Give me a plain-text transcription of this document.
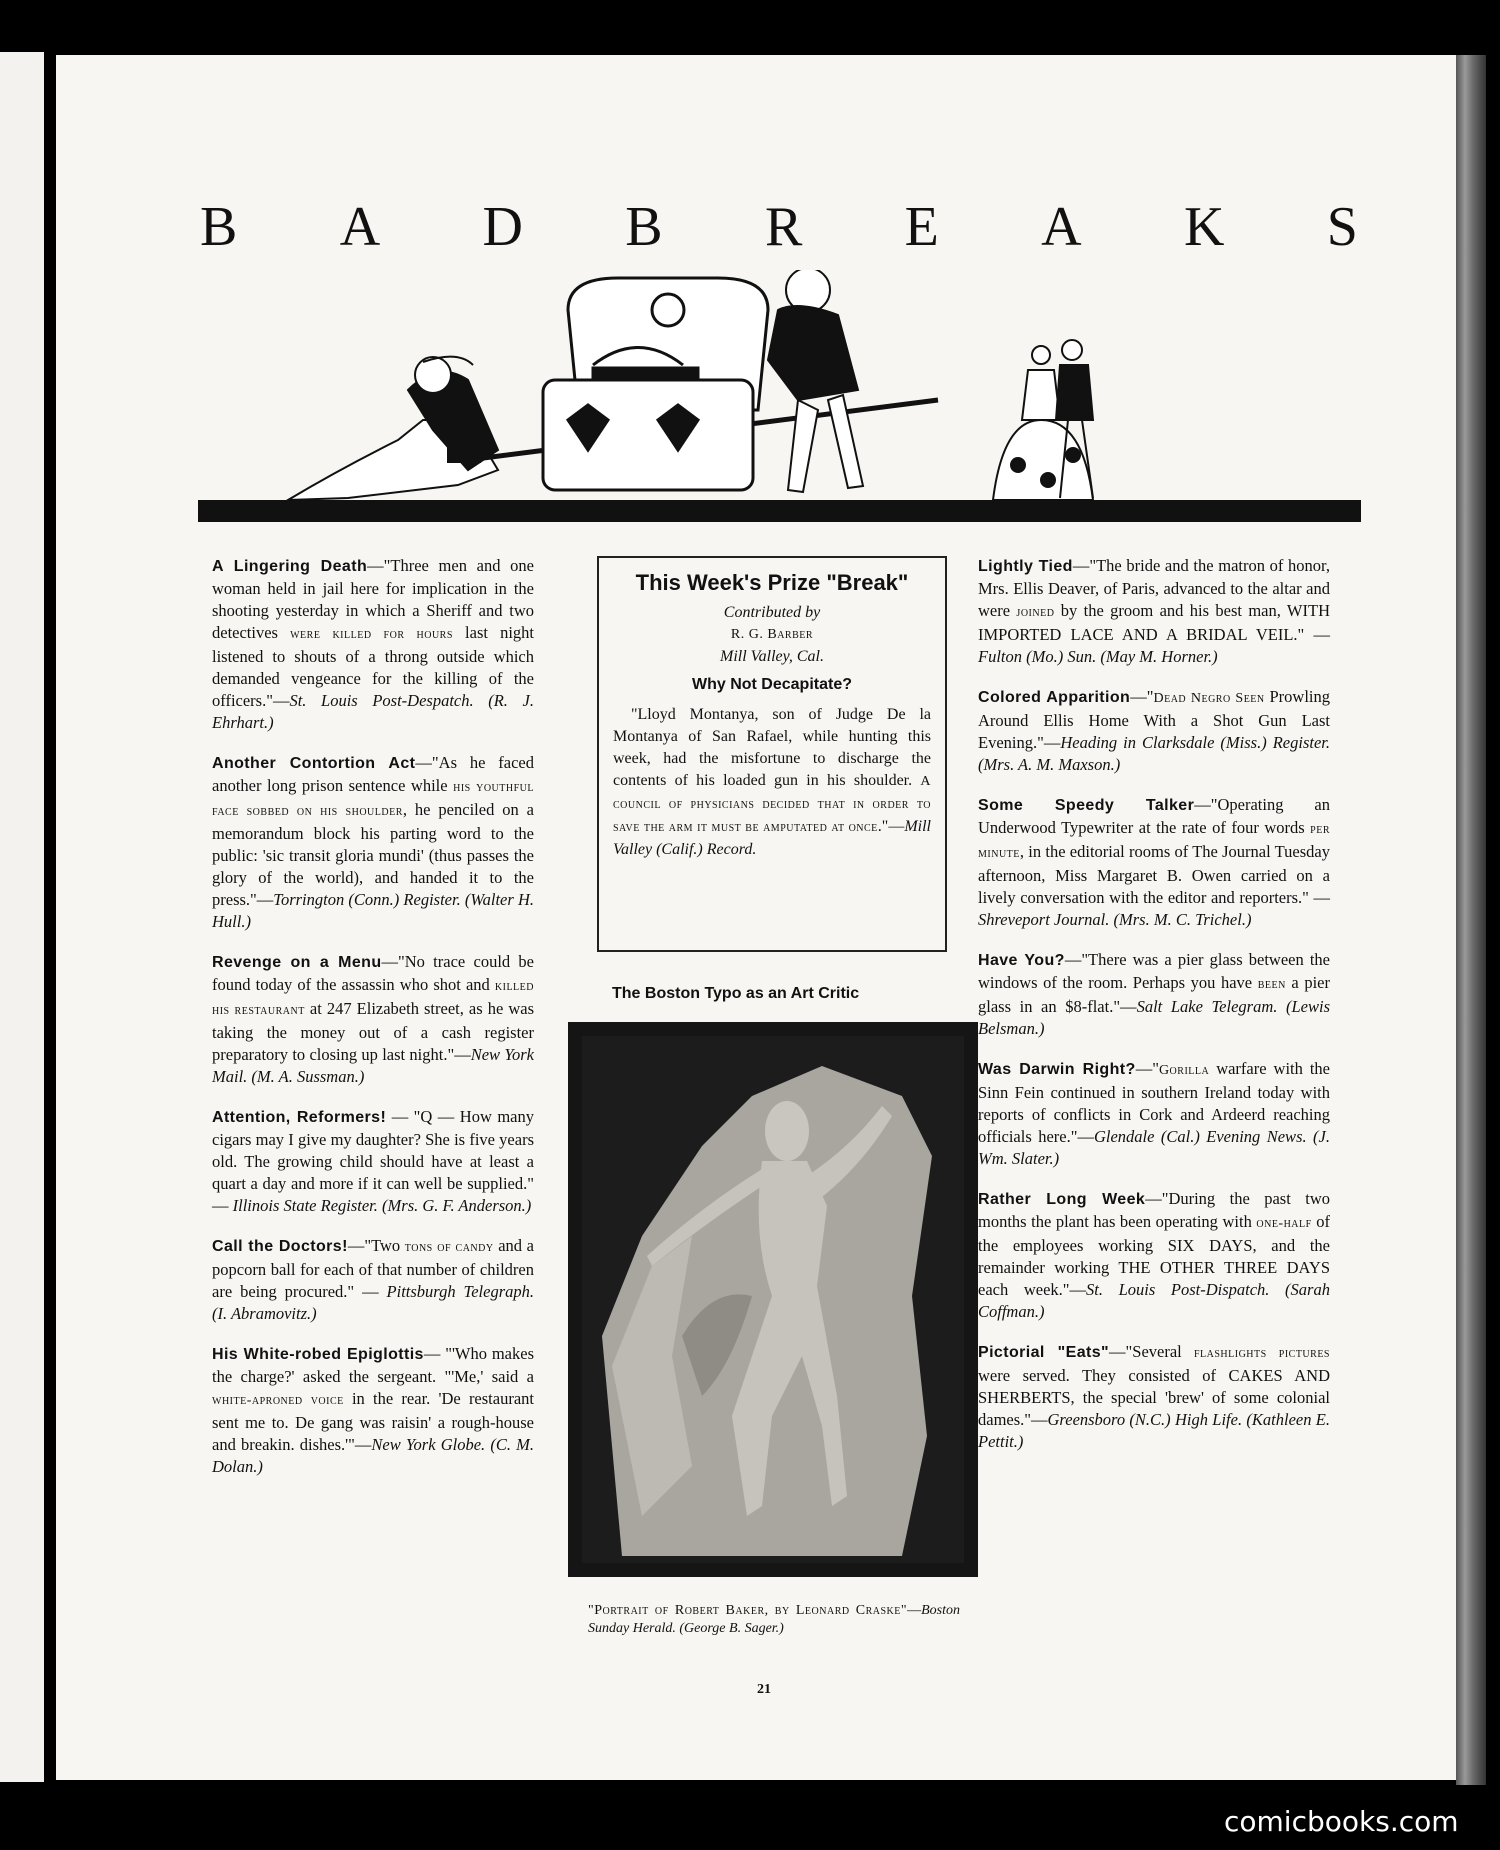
B A D B R E A K S
A Lingering Death—"Three men and one woman held in jail here for implication in the shooting yesterday in which a Sheriff and two detectives were killed for hours last night listened to shouts of a throng outside which demanded vengeance for the killing of the officers."—St. Louis Post-Despatch. (R. J. Ehrhart.)
Another Contortion Act—"As he faced another long prison sentence while his youthful face sobbed on his shoulder, he penciled on a memorandum block his parting word to the public: 'sic transit gloria mundi' (thus passes the glory of the world), and handed it to the press."—Torrington (Conn.) Register. (Walter H. Hull.)
Revenge on a Menu—"No trace could be found today of the assassin who shot and killed his restaurant at 247 Elizabeth street, as he was taking the money out of a cash register preparatory to closing up last night."—New York Mail. (M. A. Sussman.)
Attention, Reformers! — "Q — How many cigars may I give my daughter? She is five years old. The growing child should have at least a quart a day and more if it can well be supplied." — Illinois State Register. (Mrs. G. F. Anderson.)
Call the Doctors!—"Two tons of candy and a popcorn ball for each of that number of children are being procured." — Pittsburgh Telegraph. (I. Abramovitz.)
His White-robed Epiglottis— "'Who makes the charge?' asked the sergeant. "'Me,' said a white-aproned voice in the rear. 'De restaurant sent me to. De gang was raisin' a rough-house and breakin. dishes.'"—New York Globe. (C. M. Dolan.)
This Week's Prize "Break"
Contributed by
R. G. Barber
Mill Valley, Cal.
Why Not Decapitate?

"Lloyd Montanya, son of Judge De la Montanya of San Rafael, while hunting this week, had the misfortune to discharge the contents of his loaded gun in his shoulder. A council of physicians decided that in order to save the arm it must be amputated at once."—Mill Valley (Calif.) Record.

The Boston Typo as an Art Critic
"Portrait of Robert Baker, by Leonard Craske"—Boston Sunday Herald. (George B. Sager.)
Lightly Tied—"The bride and the matron of honor, Mrs. Ellis Deaver, of Paris, advanced to the altar and were joined by the groom and his best man, WITH IMPORTED LACE AND A BRIDAL VEIL." —Fulton (Mo.) Sun. (May M. Horner.)
Colored Apparition—"Dead Negro Seen Prowling Around Ellis Home With a Shot Gun Last Evening."—Heading in Clarksdale (Miss.) Register. (Mrs. A. M. Maxson.)
Some Speedy Talker—"Operating an Underwood Typewriter at the rate of four words per minute, in the editorial rooms of The Journal Tuesday afternoon, Miss Margaret B. Owen carried on a lively conversation with the editor and reporters." — Shreveport Journal. (Mrs. M. C. Trichel.)
Have You?—"There was a pier glass between the windows of the room. Perhaps you have been a pier glass in an $8-flat."—Salt Lake Telegram. (Lewis Belsman.)
Was Darwin Right?—"Gorilla warfare with the Sinn Fein continued in southern Ireland today with reports of conflicts in Cork and Ardeerd reaching officials here."—Glendale (Cal.) Evening News. (J. Wm. Slater.)
Rather Long Week—"During the past two months the plant has been operating with one-half of the employees working SIX DAYS, and the remainder working THE OTHER THREE DAYS each week."—St. Louis Post-Dispatch. (Sarah Coffman.)
Pictorial "Eats"—"Several flashlights pictures were served. They consisted of CAKES AND SHERBERTS, the special 'brew' of some colonial dames."—Greensboro (N.C.) High Life. (Kathleen E. Pettit.)
21
comicbooks.com
